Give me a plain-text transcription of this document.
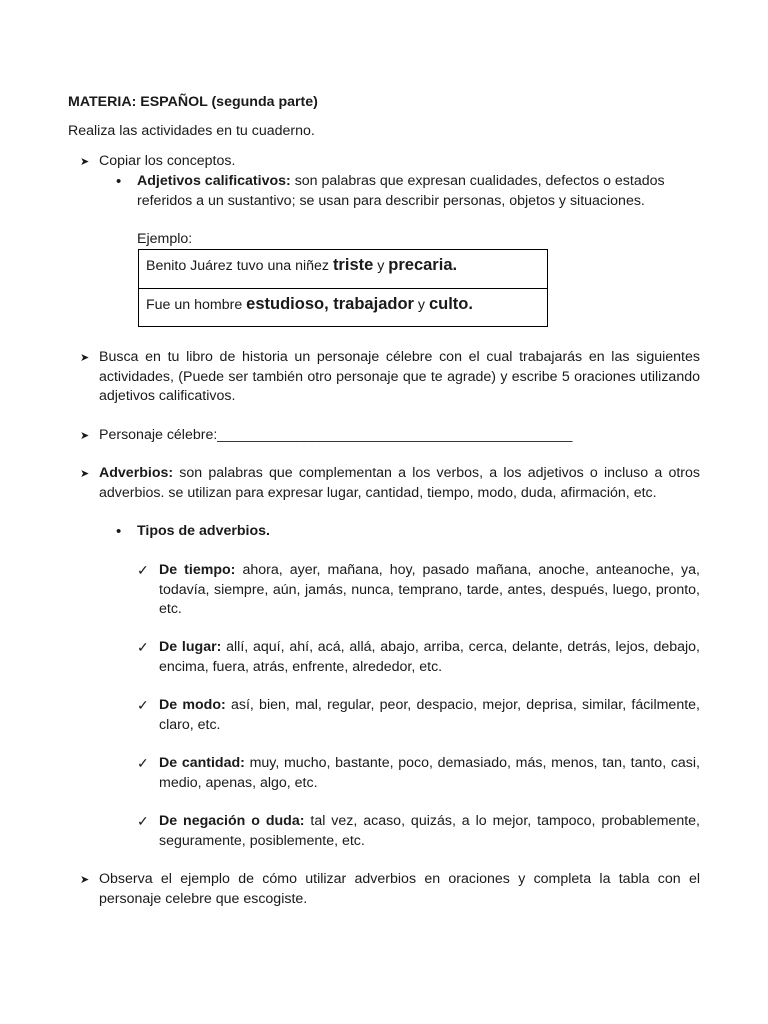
MATERIA: ESPAÑOL (segunda parte)
Realiza las actividades en tu cuaderno.
➤ Copiar los conceptos.
• Adjetivos calificativos: son palabras que expresan cualidades, defectos o estados referidos a un sustantivo; se usan para describir personas, objetos y situaciones.
Ejemplo:
Benito Juárez tuvo una niñez triste y precaria.
Fue un hombre estudioso, trabajador y culto.
➤ Busca en tu libro de historia un personaje célebre con el cual trabajarás en las siguientes actividades, (Puede ser también otro personaje que te agrade) y escribe 5 oraciones utilizando adjetivos calificativos.
➤ Personaje célebre:_____________________________________________
➤ Adverbios: son palabras que complementan a los verbos, a los adjetivos o incluso a otros adverbios. se utilizan para expresar lugar, cantidad, tiempo, modo, duda, afirmación, etc.
• Tipos de adverbios.
✓ De tiempo: ahora, ayer, mañana, hoy, pasado mañana, anoche, anteanoche, ya, todavía, siempre, aún, jamás, nunca, temprano, tarde, antes, después, luego, pronto, etc.
✓ De lugar: allí, aquí, ahí, acá, allá, abajo, arriba, cerca, delante, detrás, lejos, debajo, encima, fuera, atrás, enfrente, alrededor, etc.
✓ De modo: así, bien, mal, regular, peor, despacio, mejor, deprisa, similar, fácilmente, claro, etc.
✓ De cantidad: muy, mucho, bastante, poco, demasiado, más, menos, tan, tanto, casi, medio, apenas, algo, etc.
✓ De negación o duda: tal vez, acaso, quizás, a lo mejor, tampoco, probablemente, seguramente, posiblemente, etc.
➤ Observa el ejemplo de cómo utilizar adverbios en oraciones y completa la tabla con el personaje celebre que escogiste.
